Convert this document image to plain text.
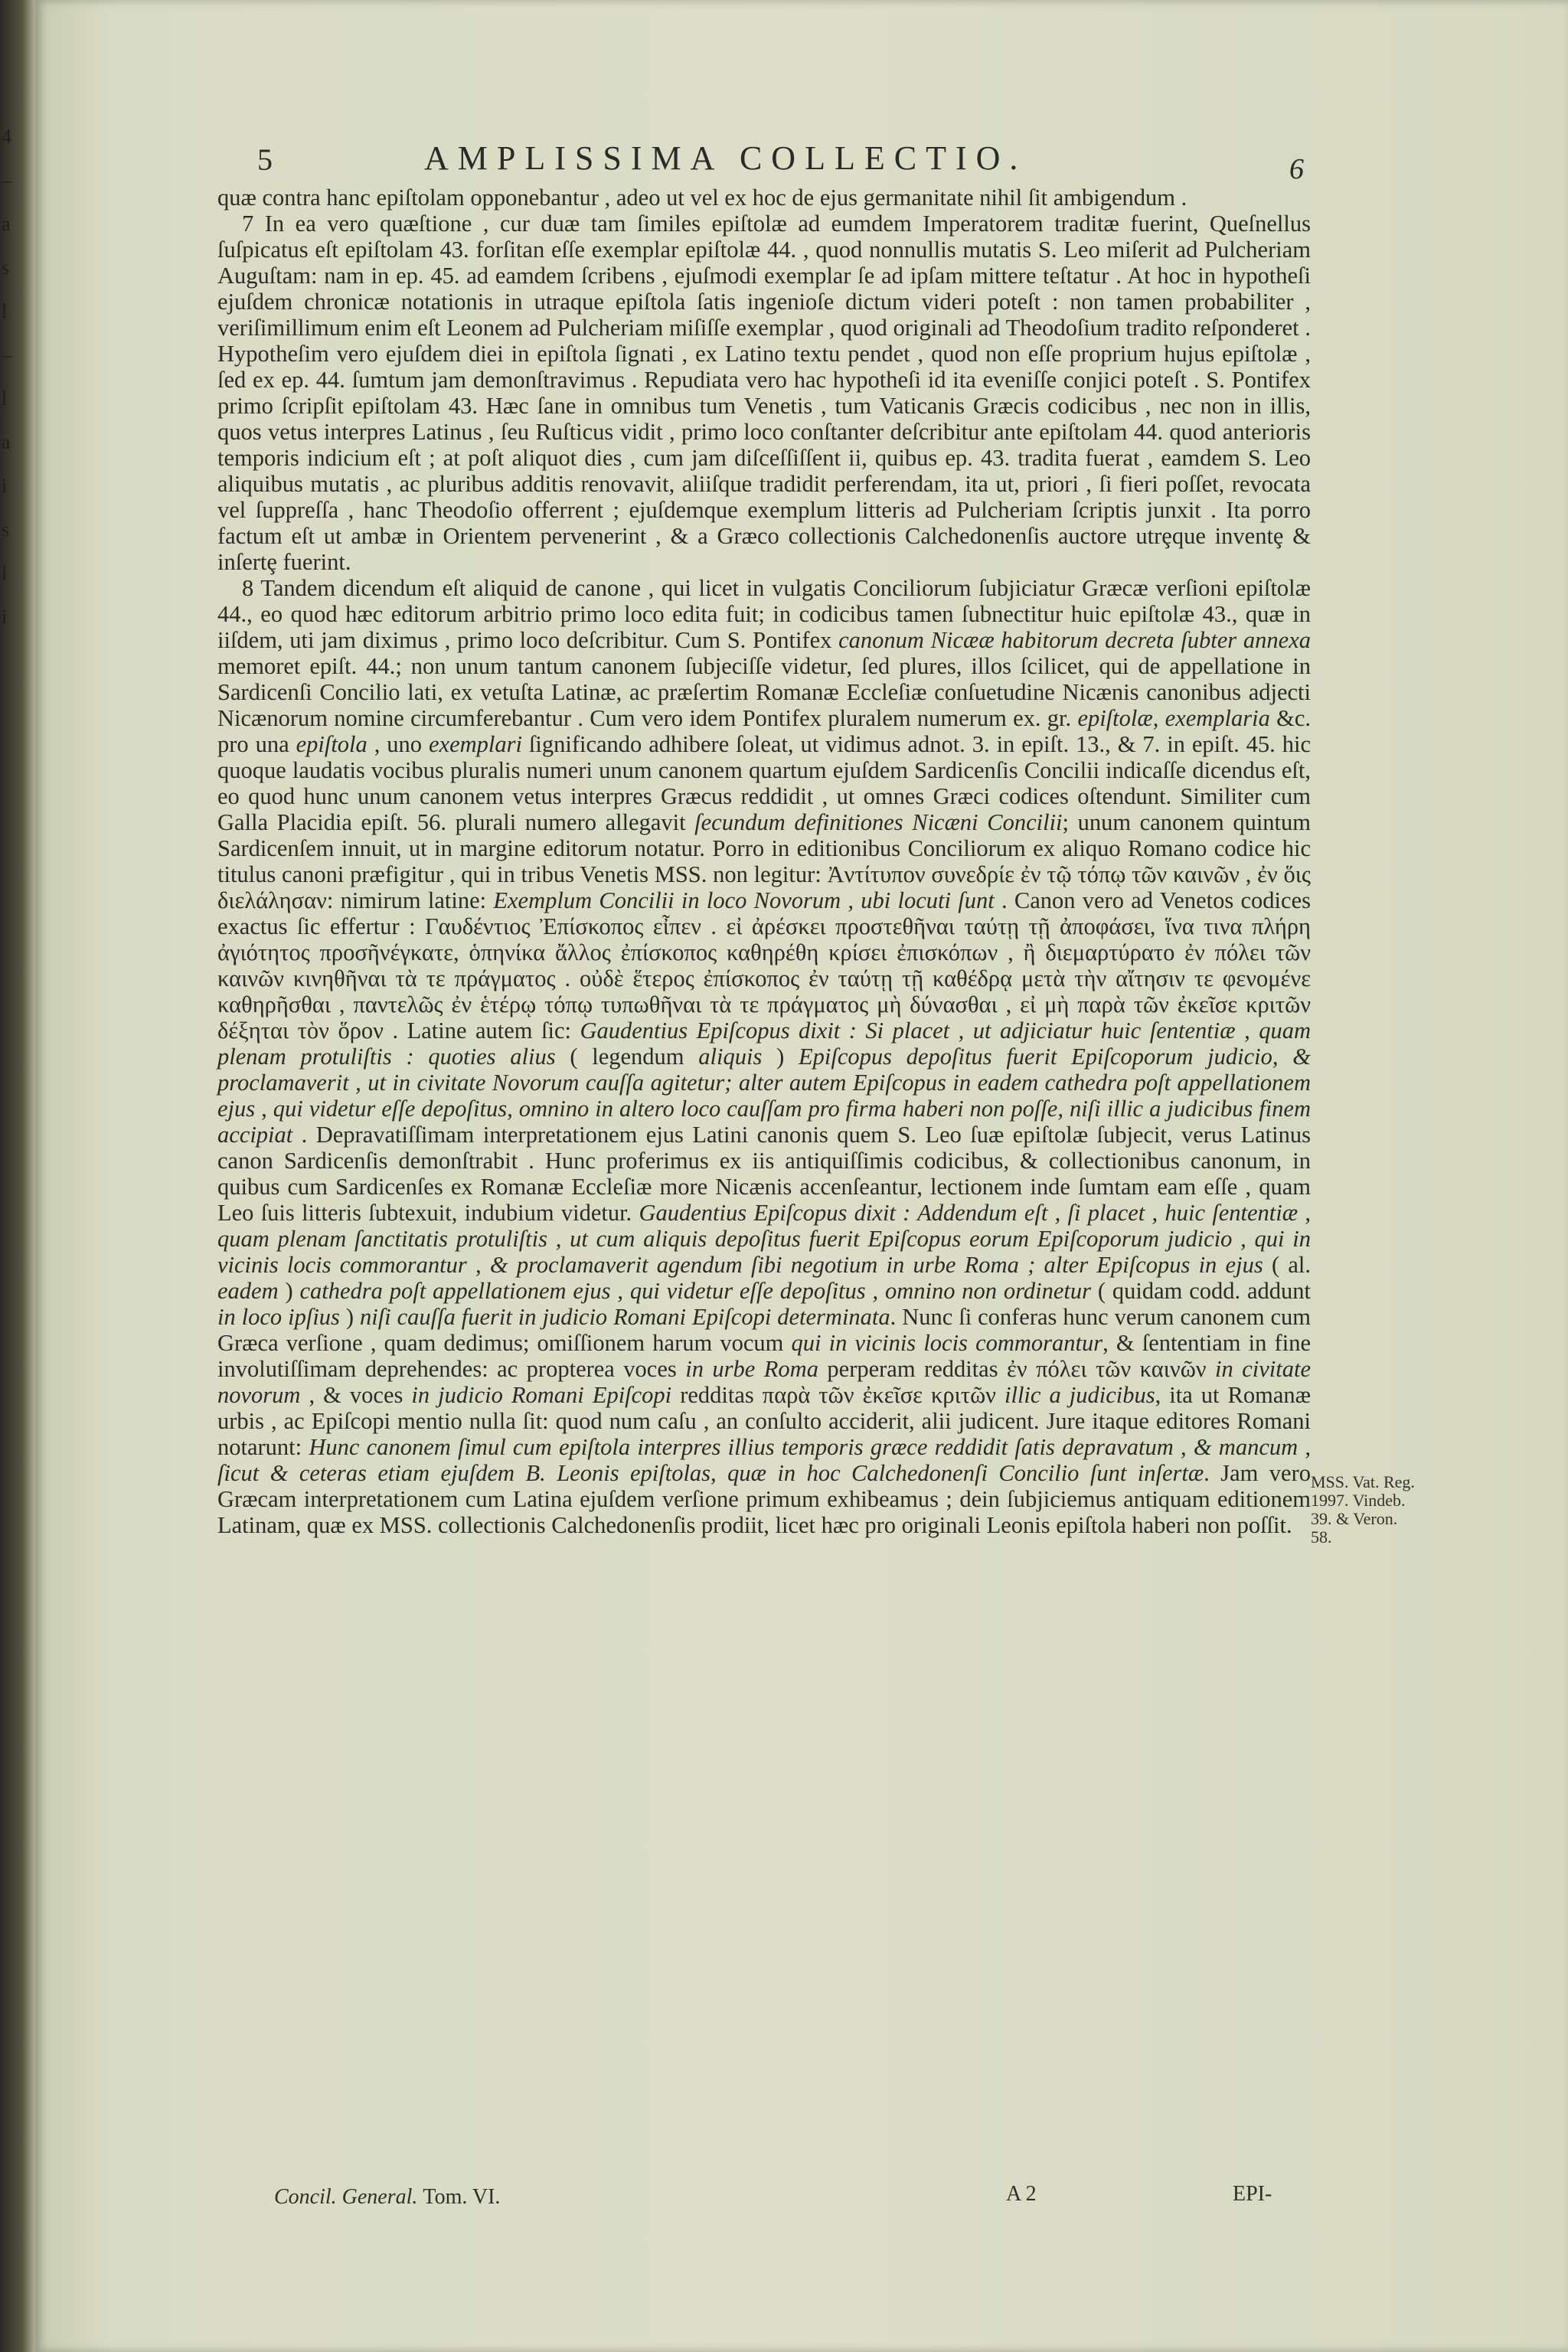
4
–
a
s
l
–
l
a
i
s
l
i
5	AMPLISSIMA COLLECTIO.	6

quæ contra hanc epiſtolam opponebantur , adeo ut vel ex hoc de ejus germanitate nihil ſit ambigendum .

7 In ea vero quæſtione , cur duæ tam ſimiles epiſtolæ ad eumdem Imperatorem traditæ fuerint, Queſnellus ſuſpicatus eſt epiſtolam 43. forſitan eſſe exemplar epiſtolæ 44. , quod nonnullis mutatis S. Leo miſerit ad Pulcheriam Auguſtam: nam in ep. 45. ad eamdem ſcribens , ejuſmodi exemplar ſe ad ipſam mittere teſtatur . At hoc in hypotheſi ejuſdem chronicæ notationis in utraque epiſtola ſatis ingenioſe dictum videri poteſt : non tamen probabiliter , veriſimillimum enim eſt Leonem ad Pulcheriam miſiſſe exemplar , quod originali ad Theodoſium tradito reſponderet . Hypotheſim vero ejuſdem diei in epiſtola ſignati , ex Latino textu pendet , quod non eſſe proprium hujus epiſtolæ , ſed ex ep. 44. ſumtum jam demonſtravimus . Repudiata vero hac hypotheſi id ita eveniſſe conjici poteſt . S. Pontifex primo ſcripſit epiſtolam 43. Hæc ſane in omnibus tum Venetis , tum Vaticanis Græcis codicibus , nec non in illis, quos vetus interpres Latinus , ſeu Ruſticus vidit , primo loco conſtanter deſcribitur ante epiſtolam 44. quod anterioris temporis indicium eſt ; at poſt aliquot dies , cum jam diſceſſiſſent ii, quibus ep. 43. tradita fuerat , eamdem S. Leo aliquibus mutatis , ac pluribus additis renovavit, aliiſque tradidit perferendam, ita ut, priori , ſi fieri poſſet, revocata vel ſuppreſſa , hanc Theodoſio offerrent ; ejuſdemque exemplum litteris ad Pulcheriam ſcriptis junxit . Ita porro factum eſt ut ambæ in Orientem pervenerint , & a Græco collectionis Calchedonenſis auctore utrȩque inventȩ & inſertȩ fuerint.

8 Tandem dicendum eſt aliquid de canone , qui licet in vulgatis Conciliorum ſubjiciatur Græcæ verſioni epiſtolæ 44., eo quod hæc editorum arbitrio primo loco edita fuit; in codicibus tamen ſubnectitur huic epiſtolæ 43., quæ in iiſdem, uti jam diximus , primo loco deſcribitur. Cum S. Pontifex canonum Nicææ habitorum decreta ſubter annexa memoret epiſt. 44.; non unum tantum canonem ſubjeciſſe videtur, ſed plures, illos ſcilicet, qui de appellatione in Sardicenſi Concilio lati, ex vetuſta Latinæ, ac præſertim Romanæ Eccleſiæ conſuetudine Nicænis canonibus adjecti Nicænorum nomine circumferebantur . Cum vero idem Pontifex pluralem numerum ex. gr. epiſtolæ, exemplaria &c. pro una epiſtola , uno exemplari ſignificando adhibere ſoleat, ut vidimus adnot. 3. in epiſt. 13., & 7. in epiſt. 45. hic quoque laudatis vocibus pluralis numeri unum canonem quartum ejuſdem Sardicenſis Concilii indicaſſe dicendus eſt, eo quod hunc unum canonem vetus interpres Græcus reddidit , ut omnes Græci codices oſtendunt. Similiter cum Galla Placidia epiſt. 56. plurali numero allegavit ſecundum definitiones Nicæni Concilii; unum canonem quintum Sardicenſem innuit, ut in margine editorum notatur. Porro in editionibus Conciliorum ex aliquo Romano codice hic titulus canoni præfigitur , qui in tribus Venetis MSS. non legitur: Ἀντίτυπον συνεδρίε ἐν τῷ τόπῳ τῶν καινῶν , ἐν ὅις διελάλησαν: nimirum latine: Exemplum Concilii in loco Novorum , ubi locuti ſunt . Canon vero ad Venetos codices exactus ſic effertur : Γαυδέντιος Ἐπίσκοπος εἶπεν . εἰ ἀρέσκει προστεθῆναι ταύτῃ τῇ ἀποφάσει, ἵνα τινα πλήρη ἀγιότητος προσῆνέγκατε, ὁπηνίκα ἄλλος ἐπίσκοπος καθηρέθη κρίσει ἐπισκόπων , ἢ διεμαρτύρατο ἐν πόλει τῶν καινῶν κινηθῆναι τὰ τε πράγματος . οὐδὲ ἕτερος ἐπίσκοπος ἐν ταύτῃ τῇ καθέδρᾳ μετὰ τὴν αἴτησιν τε φενομένε καθηρῆσθαι , παντελῶς ἐν ἑτέρῳ τόπῳ τυπωθῆναι τὰ τε πράγματος μὴ δύνασθαι , εἰ μὴ παρὰ τῶν ἐκεῖσε κριτῶν δέξηται τὸν ὅρον . Latine autem ſic: Gaudentius Epiſcopus dixit : Si placet , ut adjiciatur huic ſententiæ , quam plenam protuliſtis : quoties alius ( legendum aliquis ) Epiſcopus depoſitus fuerit Epiſcoporum judicio, & proclamaverit , ut in civitate Novorum cauſſa agitetur; alter autem Epiſcopus in eadem cathedra poſt appellationem ejus , qui videtur eſſe depoſitus, omnino in altero loco cauſſam pro firma haberi non poſſe, niſi illic a judicibus finem accipiat . Depravatiſſimam interpretationem ejus Latini canonis quem S. Leo ſuæ epiſtolæ ſubjecit, verus Latinus canon Sardicenſis demonſtrabit . Hunc proferimus ex iis antiquiſſimis codicibus, & collectionibus canonum, in quibus cum Sardicenſes ex Romanæ Eccleſiæ more Nicænis accenſeantur, lectionem inde ſumtam eam eſſe , quam Leo ſuis litteris ſubtexuit, indubium videtur. Gaudentius Epiſcopus dixit : Addendum eſt , ſi placet , huic ſententiæ , quam plenam ſanctitatis protuliſtis , ut cum aliquis depoſitus fuerit Epiſcopus eorum Epiſcoporum judicio , qui in vicinis locis commorantur , & proclamaverit agendum ſibi negotium in urbe Roma ; alter Epiſcopus in ejus ( al. eadem ) cathedra poſt appellationem ejus , qui videtur eſſe depoſitus , omnino non ordinetur ( quidam codd. addunt in loco ipſius ) niſi cauſſa fuerit in judicio Romani Epiſcopi determinata. Nunc ſi conferas hunc verum canonem cum Græca verſione , quam dedimus; omiſſionem harum vocum qui in vicinis locis commorantur, & ſententiam in fine involutiſſimam deprehendes: ac propterea voces in urbe Roma perperam redditas ἐν πόλει τῶν καινῶν in civitate novorum , & voces in judicio Romani Epiſcopi redditas παρὰ τῶν ἐκεῖσε κριτῶν illic a judicibus, ita ut Romanæ urbis , ac Epiſcopi mentio nulla ſit: quod num caſu , an conſulto acciderit, alii judicent. Jure itaque editores Romani notarunt: Hunc canonem ſimul cum epiſtola interpres illius temporis græce reddidit ſatis depravatum , & mancum , ſicut & ceteras etiam ejuſdem B. Leonis epiſtolas, quæ in hoc Calchedonenſi Concilio ſunt inſertæ. Jam vero Græcam interpretationem cum Latina ejuſdem verſione primum exhibeamus ; dein ſubjiciemus antiquam editionem Latinam, quæ ex MSS. collectionis Calchedonenſis prodiit, licet hæc pro originali Leonis epiſtola haberi non poſſit.

MSS. Vat. Reg. 1997. Vindeb. 39. & Veron. 58.
Concil. General. Tom. VI.	A 2	EPI-
